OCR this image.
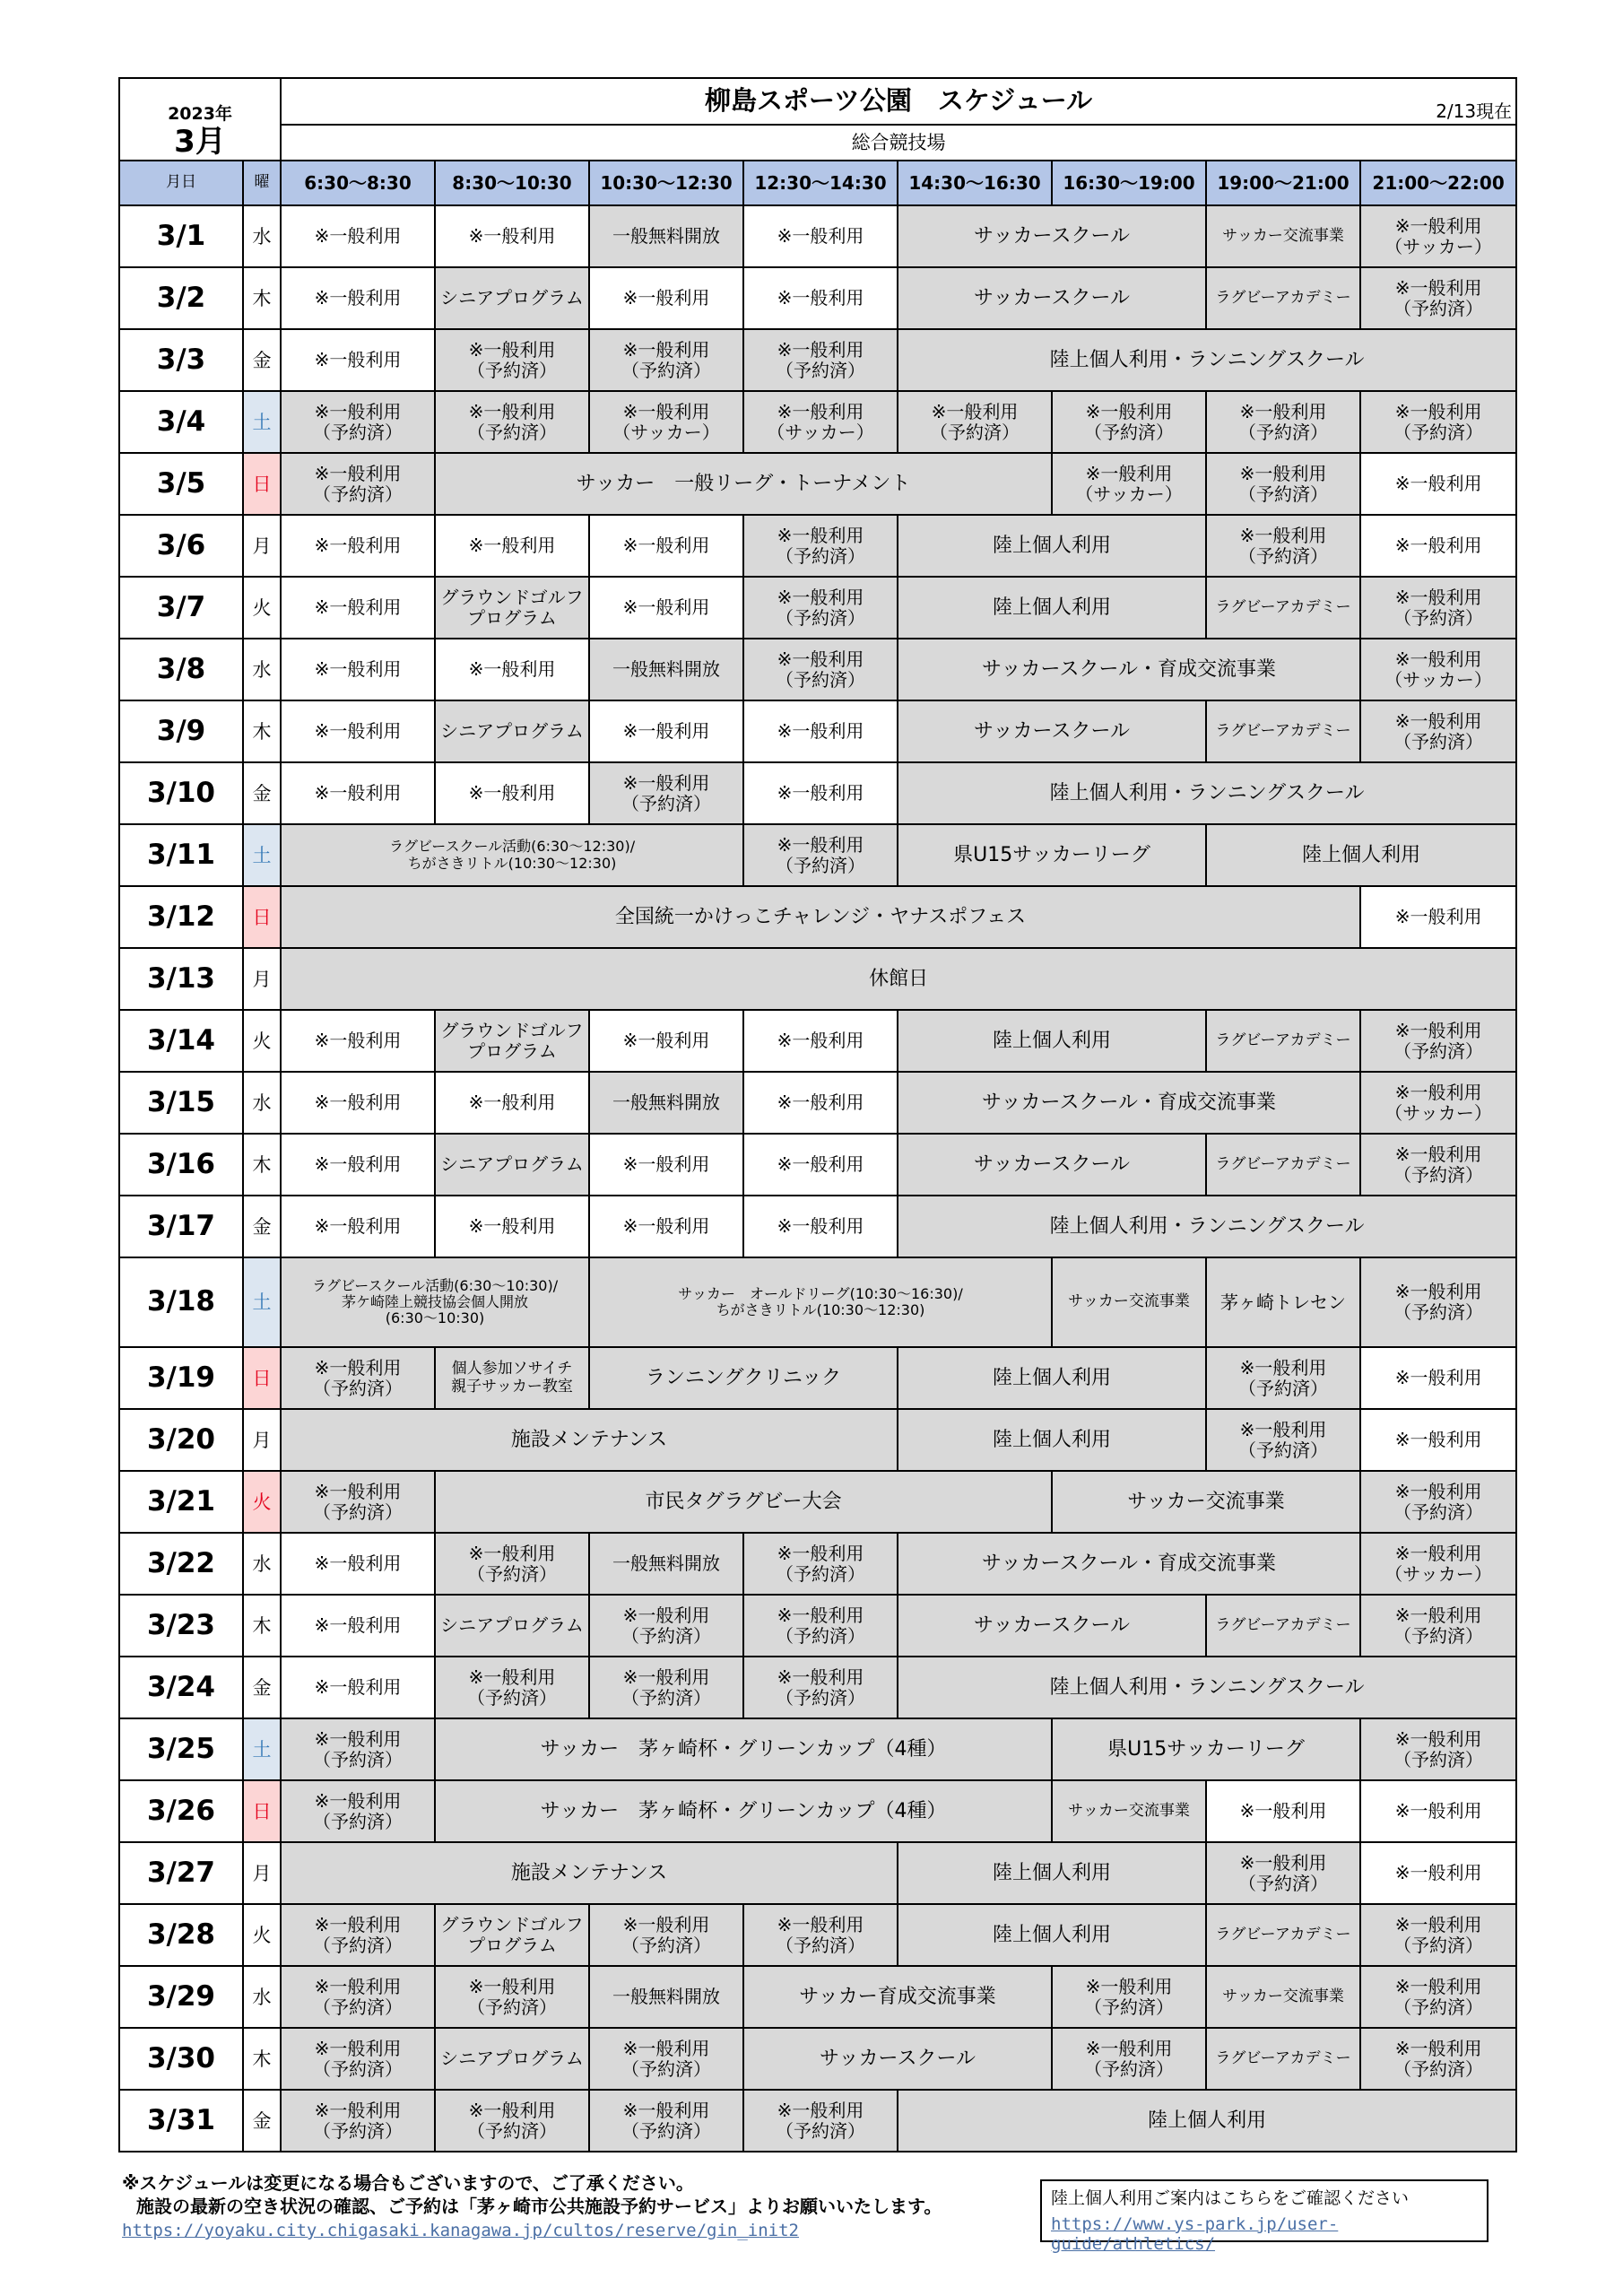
2023年		柳島スポーツ公園　スケジュール 2/13現在							

3月		総合競技場							
月日	曜	6:30～8:30	8:30～10:30	10:30～12:30	12:30～14:30	14:30～16:30	16:30～19:00	19:00～21:00	21:00～22:00
3/1	水	※一般利用	※一般利用	一般無料開放	※一般利用	サッカースクール		サッカー交流事業	※一般利用
（サッカー）
3/2	木	※一般利用	シニアプログラム	※一般利用	※一般利用	サッカースクール		ラグビーアカデミー	※一般利用
（予約済）
3/3	金	※一般利用	※一般利用
（予約済）	※一般利用
（予約済）	※一般利用
（予約済）	陸上個人利用・ランニングスクール			
3/4	土	※一般利用
（予約済）	※一般利用
（予約済）	※一般利用
（サッカー）	※一般利用
（サッカー）	※一般利用
（予約済）	※一般利用
（予約済）	※一般利用
（予約済）	※一般利用
（予約済）
3/5	日	※一般利用
（予約済）	サッカー　一般リーグ・トーナメント				※一般利用
（サッカー）	※一般利用
（予約済）	※一般利用
3/6	月	※一般利用	※一般利用	※一般利用	※一般利用
（予約済）	陸上個人利用		※一般利用
（予約済）	※一般利用
3/7	火	※一般利用	グラウンドゴルフ
プログラム	※一般利用	※一般利用
（予約済）	陸上個人利用		ラグビーアカデミー	※一般利用
（予約済）
3/8	水	※一般利用	※一般利用	一般無料開放	※一般利用
（予約済）	サッカースクール・育成交流事業			※一般利用
（サッカー）
3/9	木	※一般利用	シニアプログラム	※一般利用	※一般利用	サッカースクール		ラグビーアカデミー	※一般利用
（予約済）
3/10	金	※一般利用	※一般利用	※一般利用
（予約済）	※一般利用	陸上個人利用・ランニングスクール			
3/11	土	ラグビースクール活動(6:30～12:30)/
ちがさきリトル(10:30～12:30)			※一般利用
（予約済）	県U15サッカーリーグ		陸上個人利用	
3/12	日	全国統一かけっこチャレンジ・ヤナスポフェス							※一般利用
3/13	月	休館日							
3/14	火	※一般利用	グラウンドゴルフ
プログラム	※一般利用	※一般利用	陸上個人利用		ラグビーアカデミー	※一般利用
（予約済）
3/15	水	※一般利用	※一般利用	一般無料開放	※一般利用	サッカースクール・育成交流事業			※一般利用
（サッカー）
3/16	木	※一般利用	シニアプログラム	※一般利用	※一般利用	サッカースクール		ラグビーアカデミー	※一般利用
（予約済）
3/17	金	※一般利用	※一般利用	※一般利用	※一般利用	陸上個人利用・ランニングスクール			
3/18	土	ラグビースクール活動(6:30～10:30)/
茅ケ崎陸上競技協会個人開放
(6:30～10:30)		サッカー　オールドリーグ(10:30～16:30)/
ちがさきリトル(10:30～12:30)			サッカー交流事業	茅ヶ崎トレセン	※一般利用
（予約済）
3/19	日	※一般利用
（予約済）	個人参加ソサイチ
親子サッカー教室	ランニングクリニック		陸上個人利用		※一般利用
（予約済）	※一般利用
3/20	月	施設メンテナンス				陸上個人利用		※一般利用
（予約済）	※一般利用
3/21	火	※一般利用
（予約済）	市民タグラグビー大会				サッカー交流事業		※一般利用
（予約済）
3/22	水	※一般利用	※一般利用
（予約済）	一般無料開放	※一般利用
（予約済）	サッカースクール・育成交流事業			※一般利用
（サッカー）
3/23	木	※一般利用	シニアプログラム	※一般利用
（予約済）	※一般利用
（予約済）	サッカースクール		ラグビーアカデミー	※一般利用
（予約済）
3/24	金	※一般利用	※一般利用
（予約済）	※一般利用
（予約済）	※一般利用
（予約済）	陸上個人利用・ランニングスクール			
3/25	土	※一般利用
（予約済）	サッカー　茅ヶ崎杯・グリーンカップ（4種）				県U15サッカーリーグ		※一般利用
（予約済）
3/26	日	※一般利用
（予約済）	サッカー　茅ヶ崎杯・グリーンカップ（4種）				サッカー交流事業	※一般利用	※一般利用
3/27	月	施設メンテナンス				陸上個人利用		※一般利用
（予約済）	※一般利用
3/28	火	※一般利用
（予約済）	グラウンドゴルフ
プログラム	※一般利用
（予約済）	※一般利用
（予約済）	陸上個人利用		ラグビーアカデミー	※一般利用
（予約済）
3/29	水	※一般利用
（予約済）	※一般利用
（予約済）	一般無料開放	サッカー育成交流事業		※一般利用
（予約済）	サッカー交流事業	※一般利用
（予約済）
3/30	木	※一般利用
（予約済）	シニアプログラム	※一般利用
（予約済）	サッカースクール		※一般利用
（予約済）	ラグビーアカデミー	※一般利用
（予約済）
3/31	金	※一般利用
（予約済）	※一般利用
（予約済）	※一般利用
（予約済）	※一般利用
（予約済）	陸上個人利用			
※スケジュールは変更になる場合もございますので、ご了承ください。
施設の最新の空き状況の確認、ご予約は「茅ヶ崎市公共施設予約サービス」よりお願いいたします。
https://yoyaku.city.chigasaki.kanagawa.jp/cultos/reserve/gin_init2
陸上個人利用ご案内はこちらをご確認ください
https://www.ys-park.jp/user-guide/athletics/
